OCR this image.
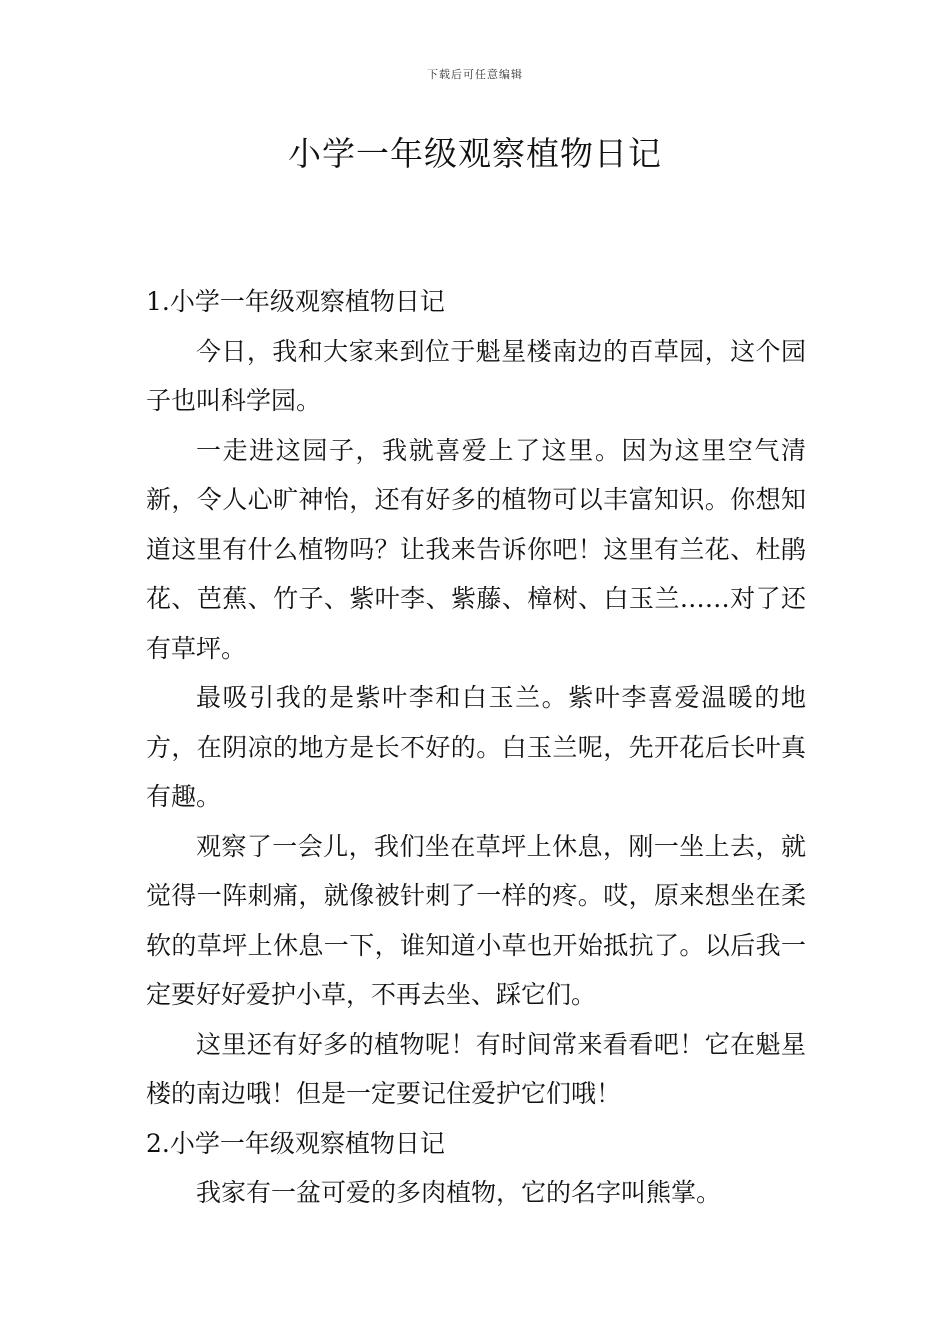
下载后可任意编辑
小学一年级观察植物日记
1.小学一年级观察植物日记

今日，我和大家来到位于魁星楼南边的百草园，这个园子也叫科学园。

一走进这园子，我就喜爱上了这里。因为这里空气清新，令人心旷神怡，还有好多的植物可以丰富知识。你想知道这里有什么植物吗？让我来告诉你吧！这里有兰花、杜鹃花、芭蕉、竹子、紫叶李、紫藤、樟树、白玉兰……对了还有草坪。

最吸引我的是紫叶李和白玉兰。紫叶李喜爱温暖的地方，在阴凉的地方是长不好的。白玉兰呢，先开花后长叶真有趣。

观察了一会儿，我们坐在草坪上休息，刚一坐上去，就觉得一阵刺痛，就像被针刺了一样的疼。哎，原来想坐在柔软的草坪上休息一下，谁知道小草也开始抵抗了。以后我一定要好好爱护小草，不再去坐、踩它们。

这里还有好多的植物呢！有时间常来看看吧！它在魁星楼的南边哦！但是一定要记住爱护它们哦！

2.小学一年级观察植物日记

我家有一盆可爱的多肉植物，它的名字叫熊掌。
